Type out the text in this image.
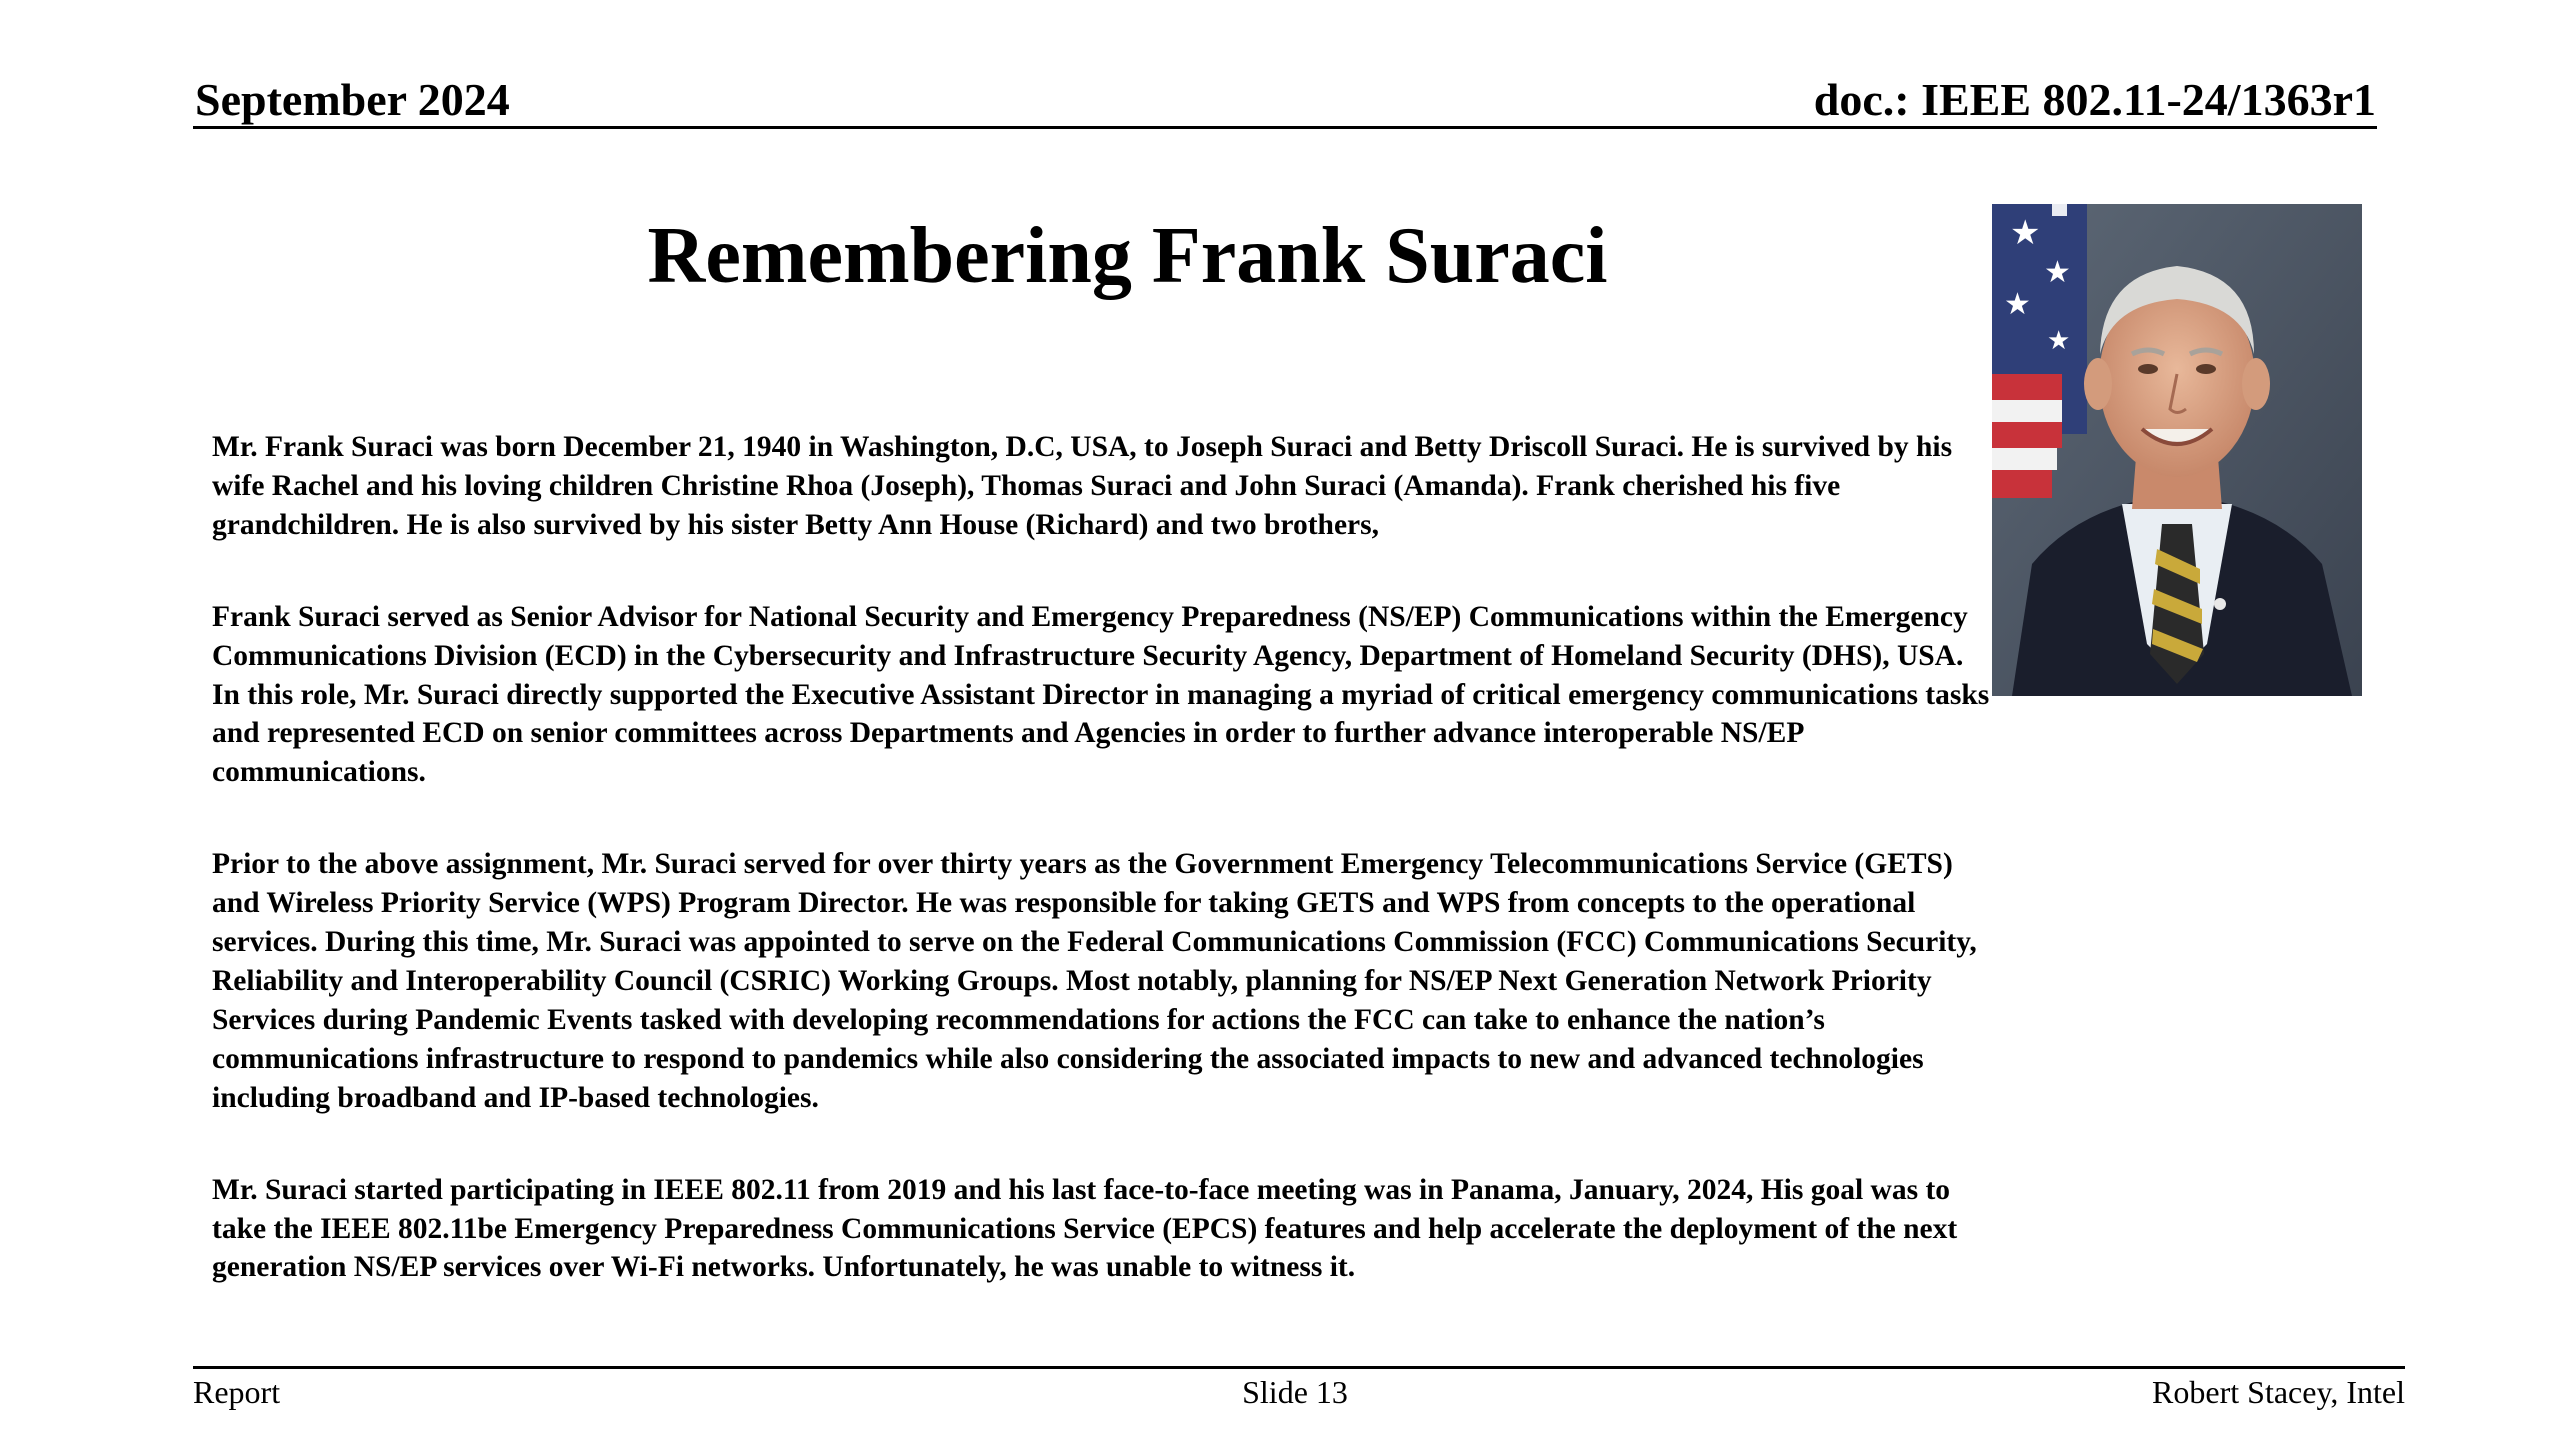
September 2024	doc.: IEEE 802.11-24/1363r1
Remembering Frank Suraci	★
★
★
★

Mr. Frank Suraci was born December 21, 1940 in Washington, D.C, USA, to Joseph Suraci and Betty Driscoll Suraci. He is survived by his wife Rachel and his loving children Christine Rhoa (Joseph), Thomas Suraci and John Suraci (Amanda). Frank cherished his five grandchildren. He is also survived by his sister Betty Ann House (Richard) and two brothers,

Frank Suraci served as Senior Advisor for National Security and Emergency Preparedness (NS/EP) Communications within the Emergency Communications Division (ECD) in the Cybersecurity and Infrastructure Security Agency, Department of Homeland Security (DHS), USA.  In this role, Mr. Suraci directly supported the Executive Assistant Director in managing a myriad of critical emergency communications tasks and represented ECD on senior committees across Departments and Agencies in order to further advance interoperable NS/EP communications.

Prior to the above assignment, Mr. Suraci served for over thirty years as the Government Emergency Telecommunications Service (GETS) and Wireless Priority Service (WPS) Program Director. He was responsible for taking GETS and WPS from concepts to the operational services. During this time, Mr. Suraci was appointed to serve on the Federal Communications Commission (FCC) Communications Security, Reliability and Interoperability Council (CSRIC) Working Groups. Most notably, planning for NS/EP Next Generation Network Priority Services during Pandemic Events tasked with developing recommendations for actions the FCC can take to enhance the nation’s communications infrastructure to respond to pandemics while also considering the associated impacts to new and advanced technologies including broadband and IP-based technologies.

Mr. Suraci started participating in IEEE 802.11 from 2019 and his last face-to-face meeting was in Panama, January, 2024, His goal was to take the IEEE 802.11be Emergency Preparedness Communications Service (EPCS) features and help accelerate the deployment of the next generation NS/EP services over Wi-Fi networks. Unfortunately, he was unable to witness it.

Report	Slide 13	Robert Stacey, Intel
